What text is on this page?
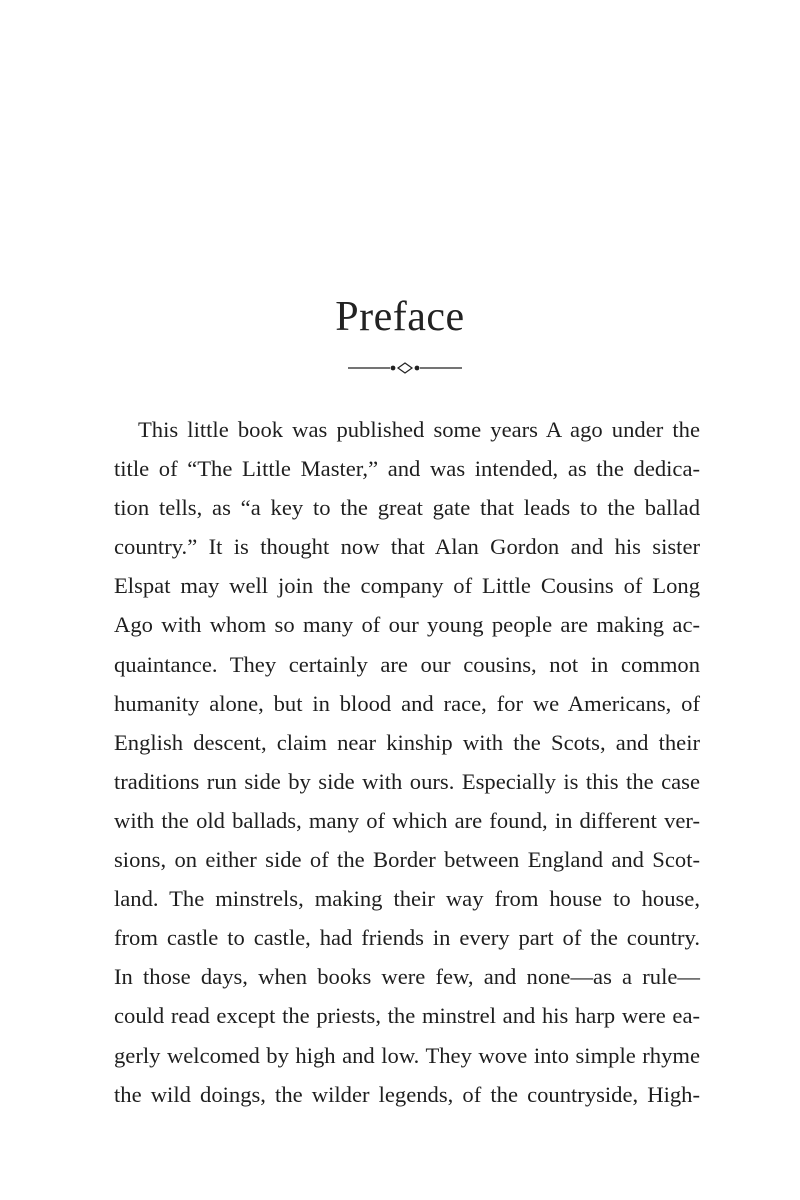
Preface
This little book was published some years A ago under the
title of “The Little Master,” and was intended, as the dedica-
tion tells, as “a key to the great gate that leads to the ballad
country.” It is thought now that Alan Gordon and his sister
Elspat may well join the company of Little Cousins of Long
Ago with whom so many of our young people are making ac-
quaintance. They certainly are our cousins, not in common
humanity alone, but in blood and race, for we Americans, of
English descent, claim near kinship with the Scots, and their
traditions run side by side with ours. Especially is this the case
with the old ballads, many of which are found, in different ver-
sions, on either side of the Border between England and Scot-
land. The minstrels, making their way from house to house,
from castle to castle, had friends in every part of the country.
In those days, when books were few, and none—as a rule—
could read except the priests, the minstrel and his harp were ea-
gerly welcomed by high and low. They wove into simple rhyme
the wild doings, the wilder legends, of the countryside, High-
